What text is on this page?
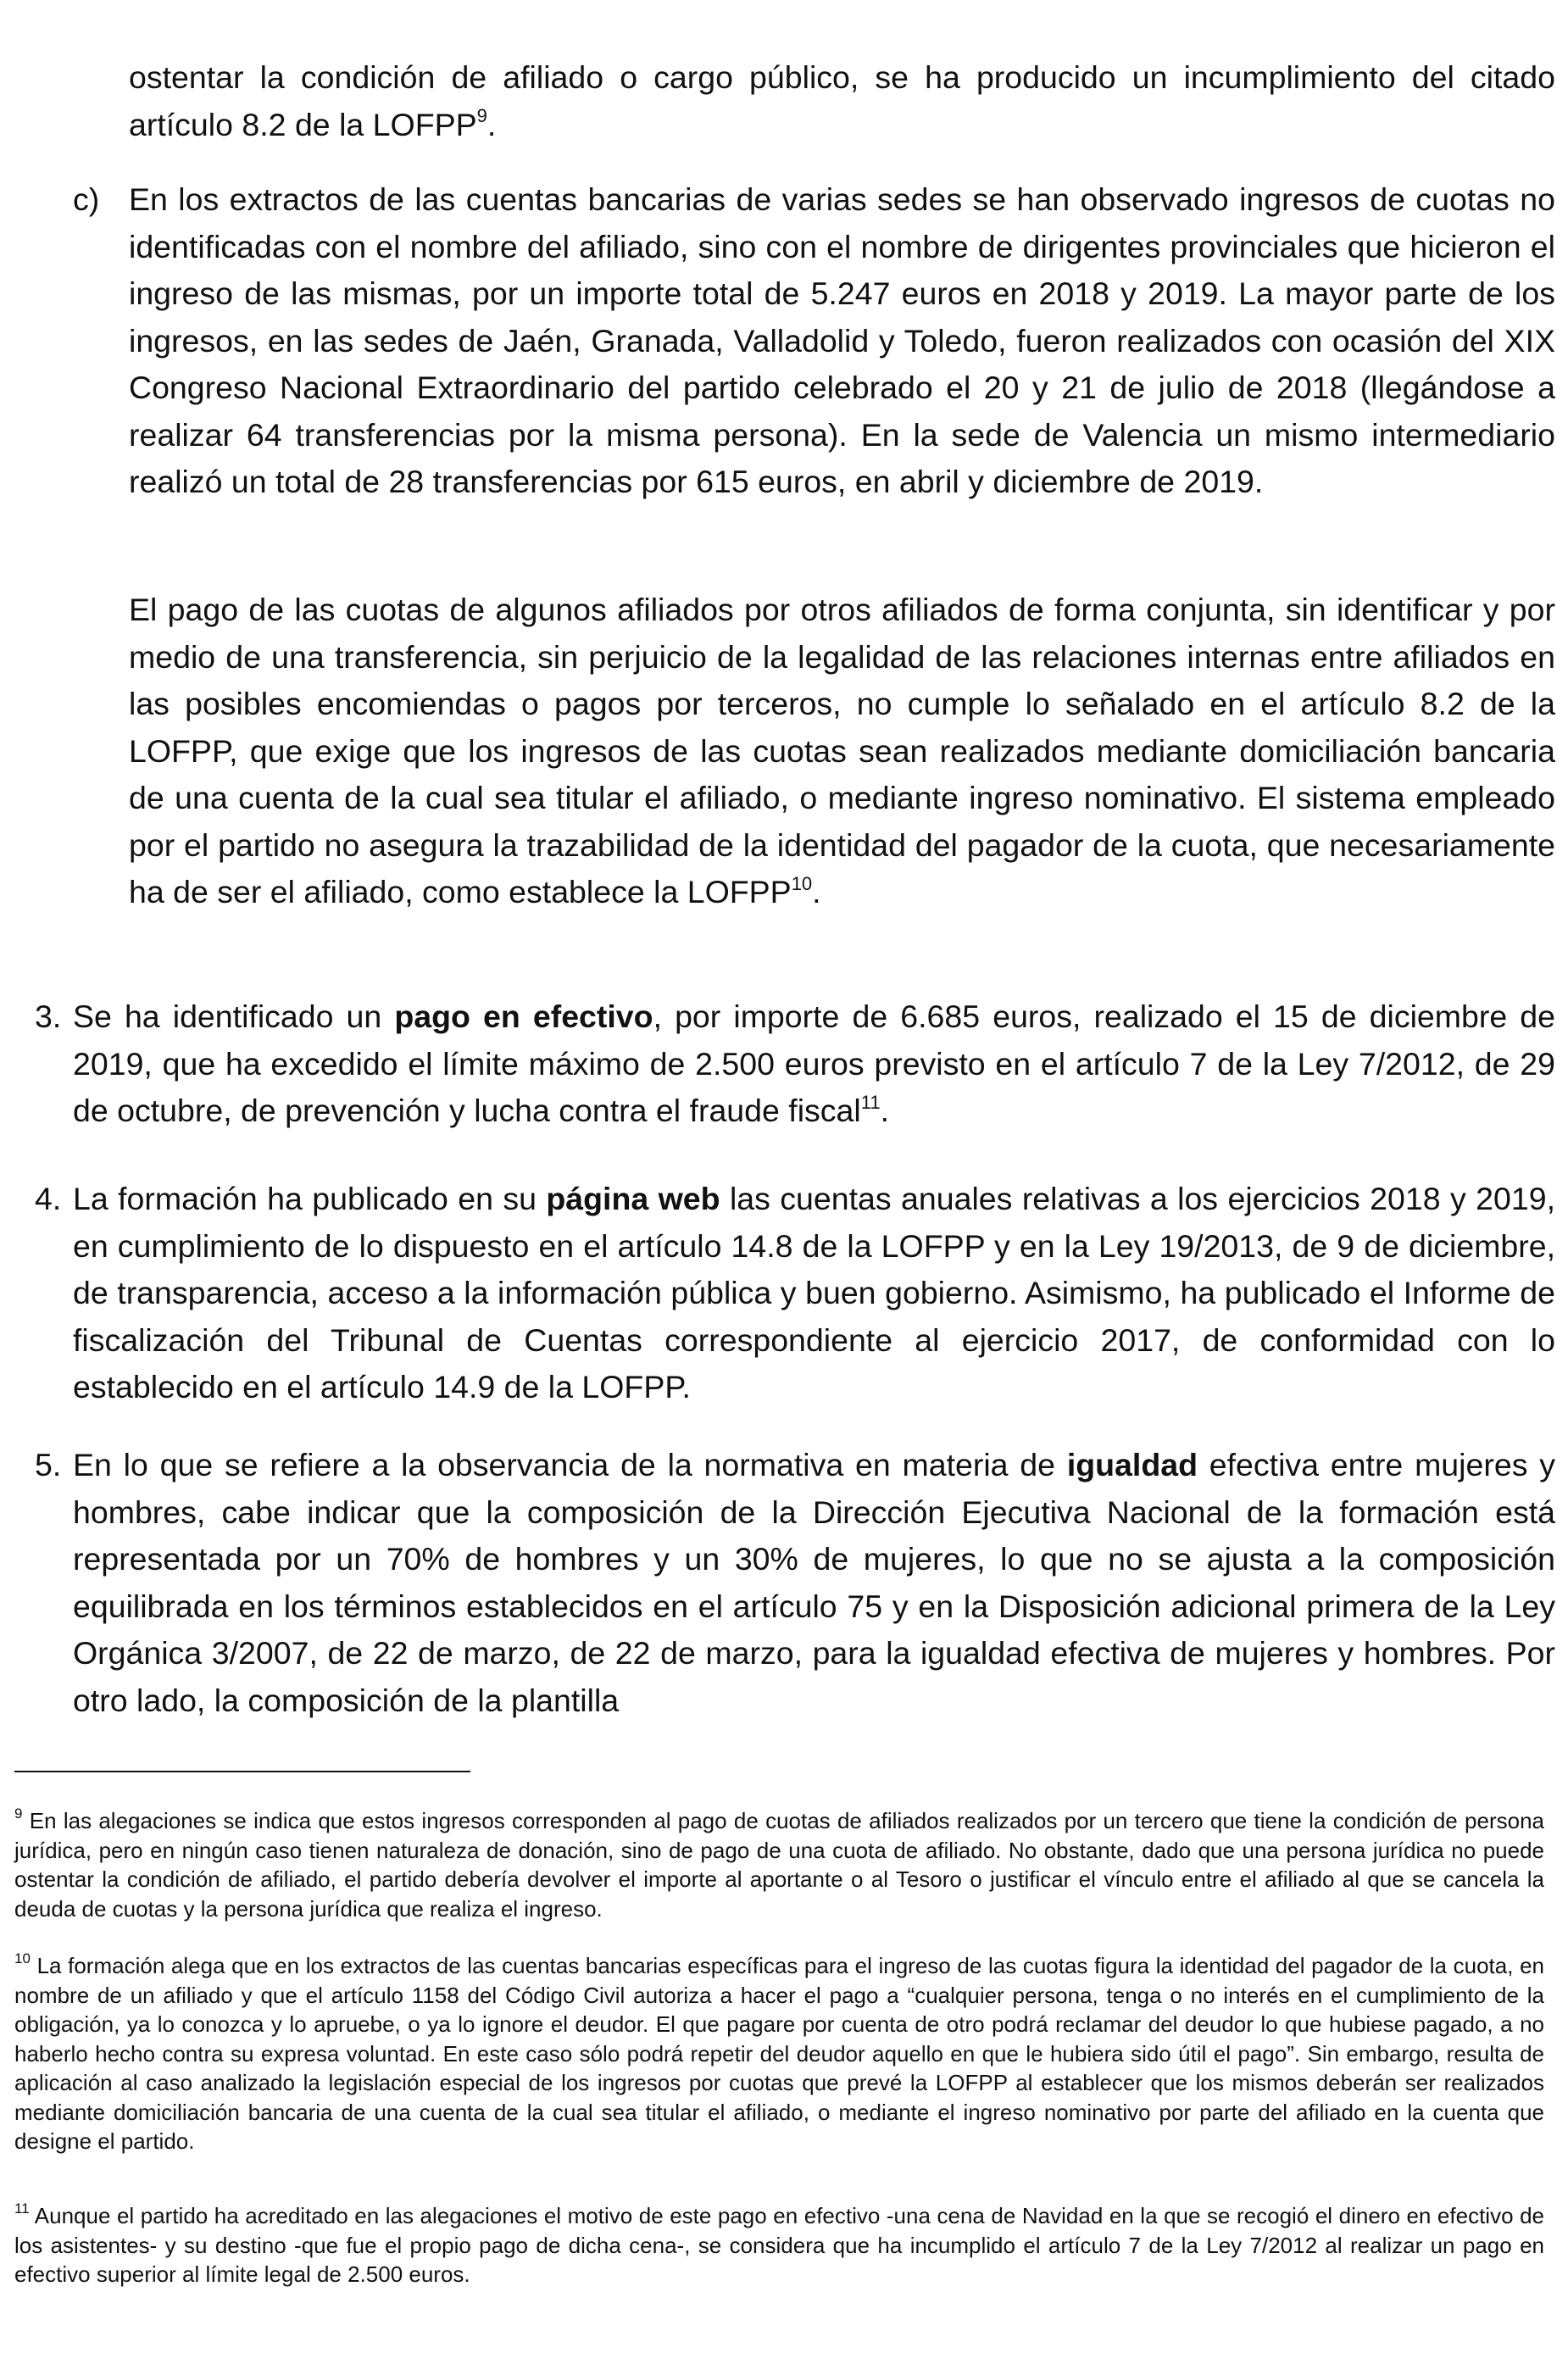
ostentar la condición de afiliado o cargo público, se ha producido un incumplimiento del citado artículo 8.2 de la LOFPP$^9$.

c) En los extractos de las cuentas bancarias de varias sedes se han observado ingresos de cuotas no identificadas con el nombre del afiliado, sino con el nombre de dirigentes provinciales que hicieron el ingreso de las mismas, por un importe total de 5.247 euros en 2018 y 2019. La mayor parte de los ingresos, en las sedes de Jaén, Granada, Valladolid y Toledo, fueron realizados con ocasión del XIX Congreso Nacional Extraordinario del partido celebrado el 20 y 21 de julio de 2018 (llegándose a realizar 64 transferencias por la misma persona). En la sede de Valencia un mismo intermediario realizó un total de 28 transferencias por 615 euros, en abril y diciembre de 2019.

El pago de las cuotas de algunos afiliados por otros afiliados de forma conjunta, sin identificar y por medio de una transferencia, sin perjuicio de la legalidad de las relaciones internas entre afiliados en las posibles encomiendas o pagos por terceros, no cumple lo señalado en el artículo 8.2 de la LOFPP, que exige que los ingresos de las cuotas sean realizados mediante domiciliación bancaria de una cuenta de la cual sea titular el afiliado, o mediante ingreso nominativo. El sistema empleado por el partido no asegura la trazabilidad de la identidad del pagador de la cuota, que necesariamente ha de ser el afiliado, como establece la LOFPP$^{10}$.

3. Se ha identificado un pago en efectivo, por importe de 6.685 euros, realizado el 15 de diciembre de 2019, que ha excedido el límite máximo de 2.500 euros previsto en el artículo 7 de la Ley 7/2012, de 29 de octubre, de prevención y lucha contra el fraude fiscal$^{11}$.

4. La formación ha publicado en su página web las cuentas anuales relativas a los ejercicios 2018 y 2019, en cumplimiento de lo dispuesto en el artículo 14.8 de la LOFPP y en la Ley 19/2013, de 9 de diciembre, de transparencia, acceso a la información pública y buen gobierno. Asimismo, ha publicado el Informe de fiscalización del Tribunal de Cuentas correspondiente al ejercicio 2017, de conformidad con lo establecido en el artículo 14.9 de la LOFPP.

5. En lo que se refiere a la observancia de la normativa en materia de igualdad efectiva entre mujeres y hombres, cabe indicar que la composición de la Dirección Ejecutiva Nacional de la formación está representada por un 70% de hombres y un 30% de mujeres, lo que no se ajusta a la composición equilibrada en los términos establecidos en el artículo 75 y en la Disposición adicional primera de la Ley Orgánica 3/2007, de 22 de marzo, de 22 de marzo, para la igualdad efectiva de mujeres y hombres. Por otro lado, la composición de la plantilla

$^9$ En las alegaciones se indica que estos ingresos corresponden al pago de cuotas de afiliados realizados por un tercero que tiene la condición de persona jurídica, pero en ningún caso tienen naturaleza de donación, sino de pago de una cuota de afiliado. No obstante, dado que una persona jurídica no puede ostentar la condición de afiliado, el partido debería devolver el importe al aportante o al Tesoro o justificar el vínculo entre el afiliado al que se cancela la deuda de cuotas y la persona jurídica que realiza el ingreso.

$^{10}$ La formación alega que en los extractos de las cuentas bancarias específicas para el ingreso de las cuotas figura la identidad del pagador de la cuota, en nombre de un afiliado y que el artículo 1158 del Código Civil autoriza a hacer el pago a “cualquier persona, tenga o no interés en el cumplimiento de la obligación, ya lo conozca y lo apruebe, o ya lo ignore el deudor. El que pagare por cuenta de otro podrá reclamar del deudor lo que hubiese pagado, a no haberlo hecho contra su expresa voluntad. En este caso sólo podrá repetir del deudor aquello en que le hubiera sido útil el pago”. Sin embargo, resulta de aplicación al caso analizado la legislación especial de los ingresos por cuotas que prevé la LOFPP al establecer que los mismos deberán ser realizados mediante domiciliación bancaria de una cuenta de la cual sea titular el afiliado, o mediante el ingreso nominativo por parte del afiliado en la cuenta que designe el partido.

$^{11}$ Aunque el partido ha acreditado en las alegaciones el motivo de este pago en efectivo -una cena de Navidad en la que se recogió el dinero en efectivo de los asistentes- y su destino -que fue el propio pago de dicha cena-, se considera que ha incumplido el artículo 7 de la Ley 7/2012 al realizar un pago en efectivo superior al límite legal de 2.500 euros.
